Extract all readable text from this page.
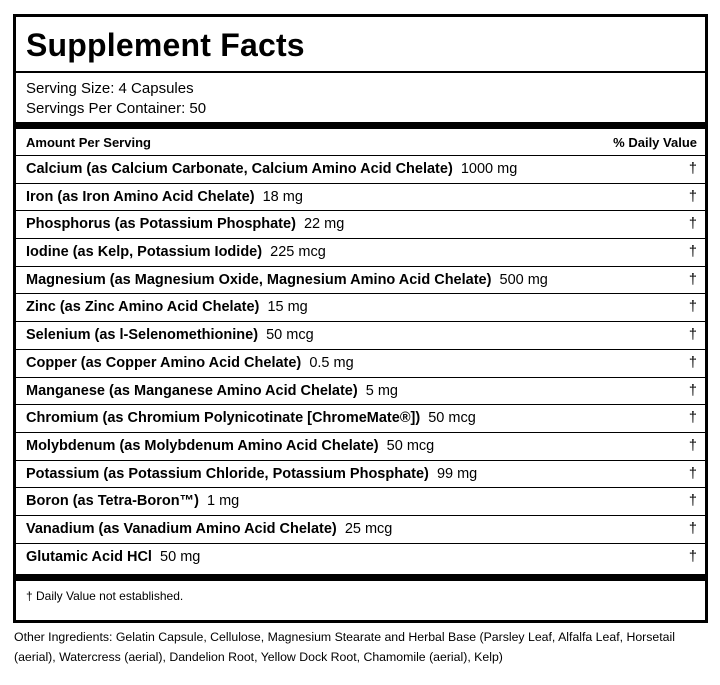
Supplement Facts
Serving Size: 4 Capsules
Servings Per Container: 50
Amount Per Serving	% Daily Value
Calcium (as Calcium Carbonate, Calcium Amino Acid Chelate) 1000 mg	†
Iron (as Iron Amino Acid Chelate) 18 mg	†
Phosphorus (as Potassium Phosphate) 22 mg	†
Iodine (as Kelp, Potassium Iodide) 225 mcg	†
Magnesium (as Magnesium Oxide, Magnesium Amino Acid Chelate) 500 mg	†
Zinc (as Zinc Amino Acid Chelate) 15 mg	†
Selenium (as l-Selenomethionine) 50 mcg	†
Copper (as Copper Amino Acid Chelate) 0.5 mg	†
Manganese (as Manganese Amino Acid Chelate) 5 mg	†
Chromium (as Chromium Polynicotinate [ChromeMate®]) 50 mcg	†
Molybdenum (as Molybdenum Amino Acid Chelate) 50 mcg	†
Potassium (as Potassium Chloride, Potassium Phosphate) 99 mg	†
Boron (as Tetra-Boron™) 1 mg	†
Vanadium (as Vanadium Amino Acid Chelate) 25 mcg	†
Glutamic Acid HCl 50 mg	†
† Daily Value not established.
Other Ingredients: Gelatin Capsule, Cellulose, Magnesium Stearate and Herbal Base (Parsley Leaf, Alfalfa Leaf, Horsetail
(aerial), Watercress (aerial), Dandelion Root, Yellow Dock Root, Chamomile (aerial), Kelp)
